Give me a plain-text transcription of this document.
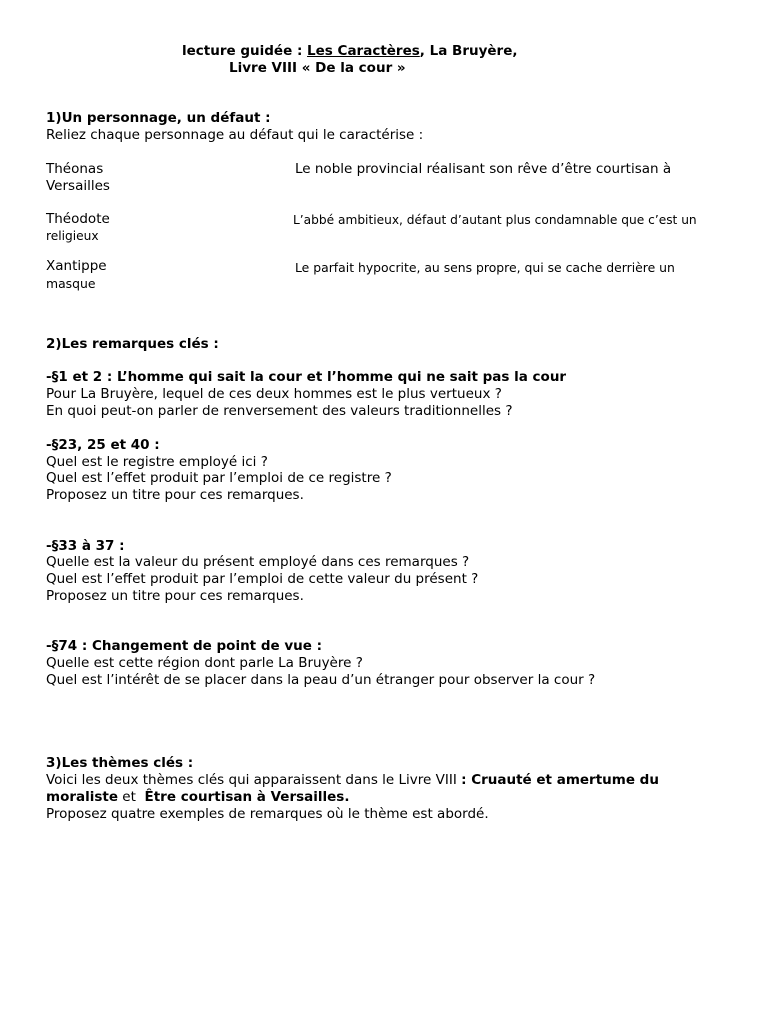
lecture guidée : Les Caractères, La Bruyère,
Livre VIII « De la cour »
1)Un personnage, un défaut :
Reliez chaque personnage au défaut qui le caractérise :
Théonas	Le noble provincial réalisant son rêve d’être courtisan à
Versailles
Théodote	L’abbé ambitieux, défaut d’autant plus condamnable que c’est un
religieux
Xantippe	Le parfait hypocrite, au sens propre, qui se cache derrière un
masque
2)Les remarques clés :
-§1 et 2 : L’homme qui sait la cour et l’homme qui ne sait pas la cour
Pour La Bruyère, lequel de ces deux hommes est le plus vertueux ?
En quoi peut-on parler de renversement des valeurs traditionnelles ?
-§23, 25 et 40 :
Quel est le registre employé ici ?
Quel est l’effet produit par l’emploi de ce registre ?
Proposez un titre pour ces remarques.
-§33 à 37 :
Quelle est la valeur du présent employé dans ces remarques ?
Quel est l’effet produit par l’emploi de cette valeur du présent ?
Proposez un titre pour ces remarques.
-§74 : Changement de point de vue :
Quelle est cette région dont parle La Bruyère ?
Quel est l’intérêt de se placer dans la peau d’un étranger pour observer la cour ?
3)Les thèmes clés :
Voici les deux thèmes clés qui apparaissent dans le Livre VIII : Cruauté et amertume du
moraliste et  Être courtisan à Versailles.
Proposez quatre exemples de remarques où le thème est abordé.
